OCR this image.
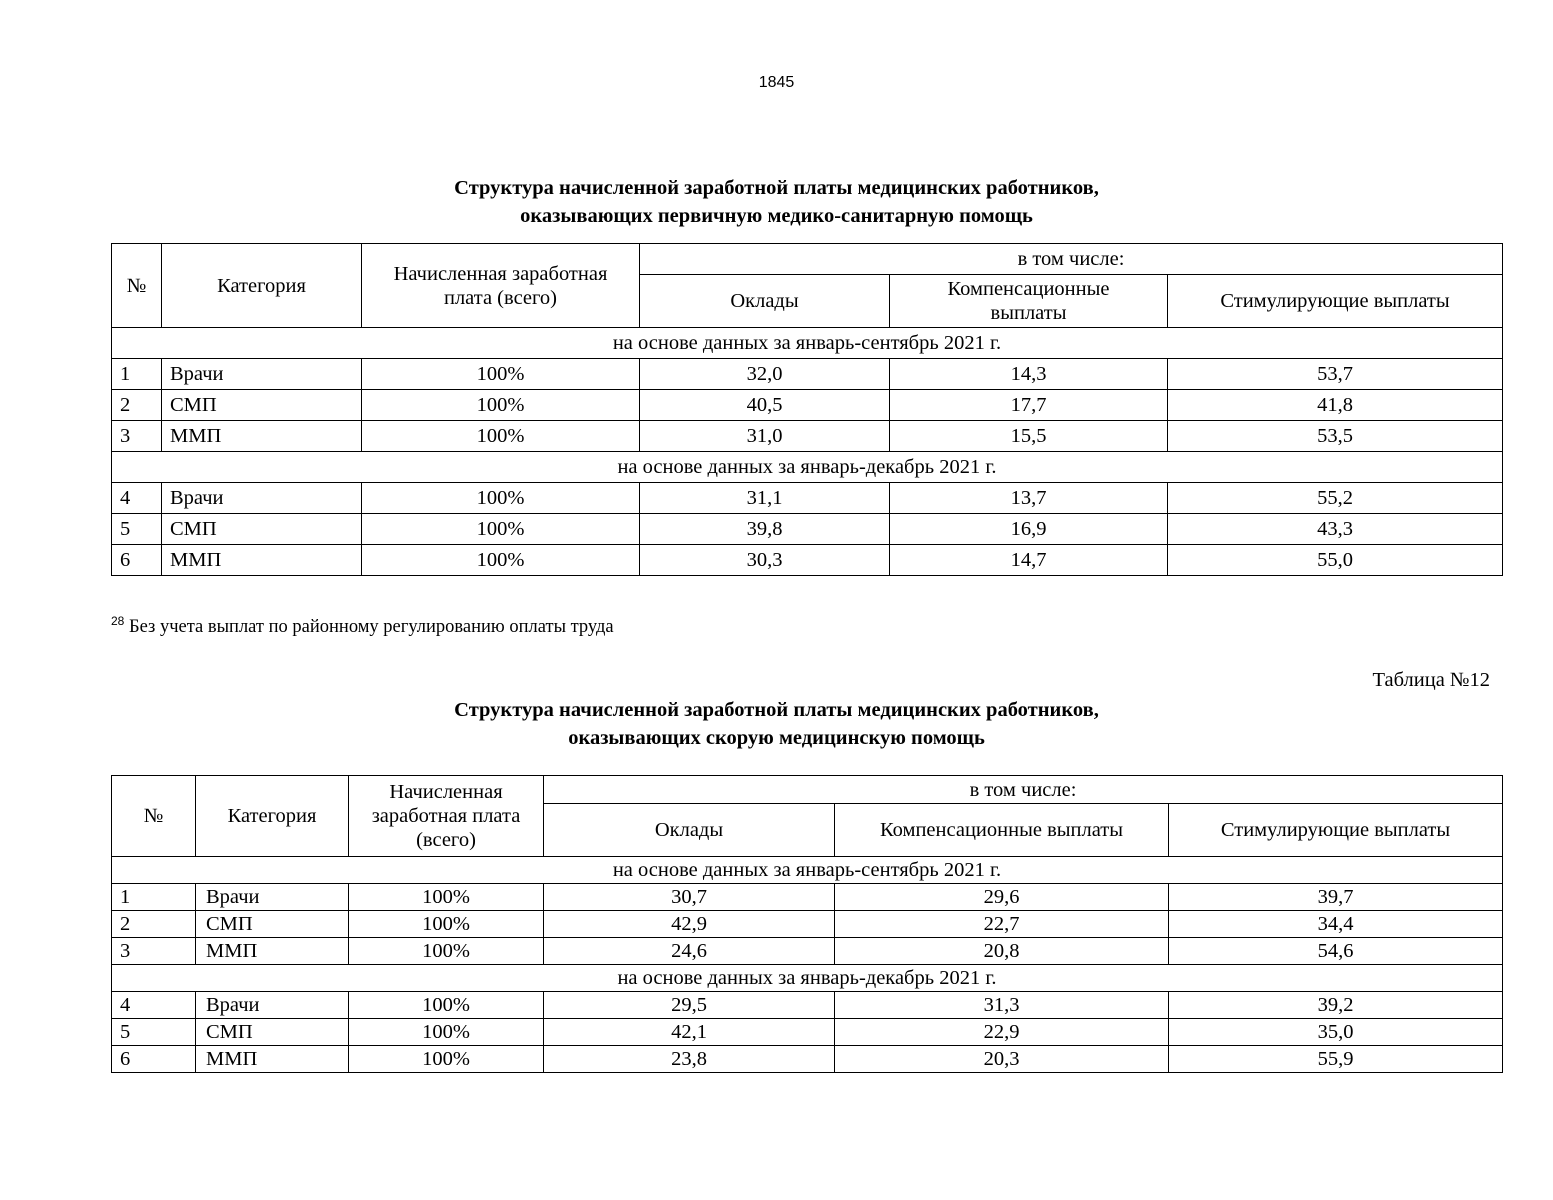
1845
Структура начисленной заработной платы медицинских работников,
оказывающих первичную медико-санитарную помощь
№	Категория	Начисленная заработная плата (всего)	в том числе:		
			Оклады	Компенсационные выплаты	Стимулирующие выплаты
на основе данных за январь-сентябрь 2021 г.					
1	Врачи	100%	32,0	14,3	53,7
2	СМП	100%	40,5	17,7	41,8
3	ММП	100%	31,0	15,5	53,5
на основе данных за январь-декабрь 2021 г.					
4	Врачи	100%	31,1	13,7	55,2
5	СМП	100%	39,8	16,9	43,3
6	ММП	100%	30,3	14,7	55,0
$^{28}$ Без учета выплат по районному регулированию оплаты труда
Таблица №12
Структура начисленной заработной платы медицинских работников,
оказывающих скорую медицинскую помощь
№	Категория	Начисленная заработная плата (всего)	в том числе:		
			Оклады	Компенсационные выплаты	Стимулирующие выплаты
на основе данных за январь-сентябрь 2021 г.					
1	Врачи	100%	30,7	29,6	39,7
2	СМП	100%	42,9	22,7	34,4
3	ММП	100%	24,6	20,8	54,6
на основе данных за январь-декабрь 2021 г.					
4	Врачи	100%	29,5	31,3	39,2
5	СМП	100%	42,1	22,9	35,0
6	ММП	100%	23,8	20,3	55,9
